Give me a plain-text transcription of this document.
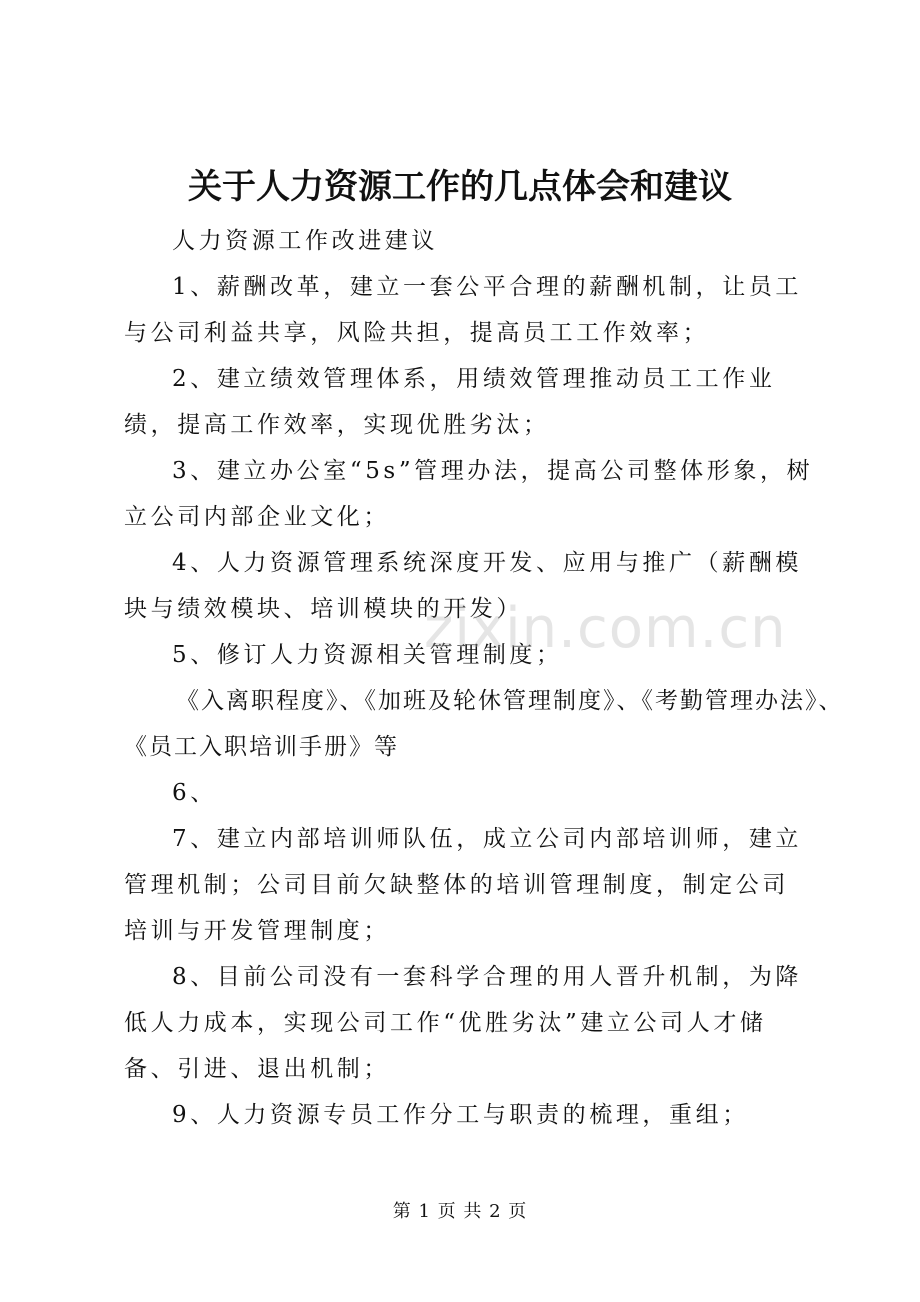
关于人力资源工作的几点体会和建议

人力资源工作改进建议

1、薪酬改革，建立一套公平合理的薪酬机制，让员工与公司利益共享，风险共担，提高员工工作效率；

2、建立绩效管理体系，用绩效管理推动员工工作业绩，提高工作效率，实现优胜劣汰；

3、建立办公室“5s”管理办法，提高公司整体形象，树立公司内部企业文化；

4、人力资源管理系统深度开发、应用与推广（薪酬模块与绩效模块、培训模块的开发）

5、修订人力资源相关管理制度；

《入离职程度》、《加班及轮休管理制度》、《考勤管理办法》、《员工入职培训手册》等

6、

7、建立内部培训师队伍，成立公司内部培训师，建立管理机制；公司目前欠缺整体的培训管理制度，制定公司培训与开发管理制度；

8、目前公司没有一套科学合理的用人晋升机制，为降低人力成本，实现公司工作“优胜劣汰”建立公司人才储备、引进、退出机制；

9、人力资源专员工作分工与职责的梳理，重组；

zixin.com.cn
第 1 页 共 2 页
